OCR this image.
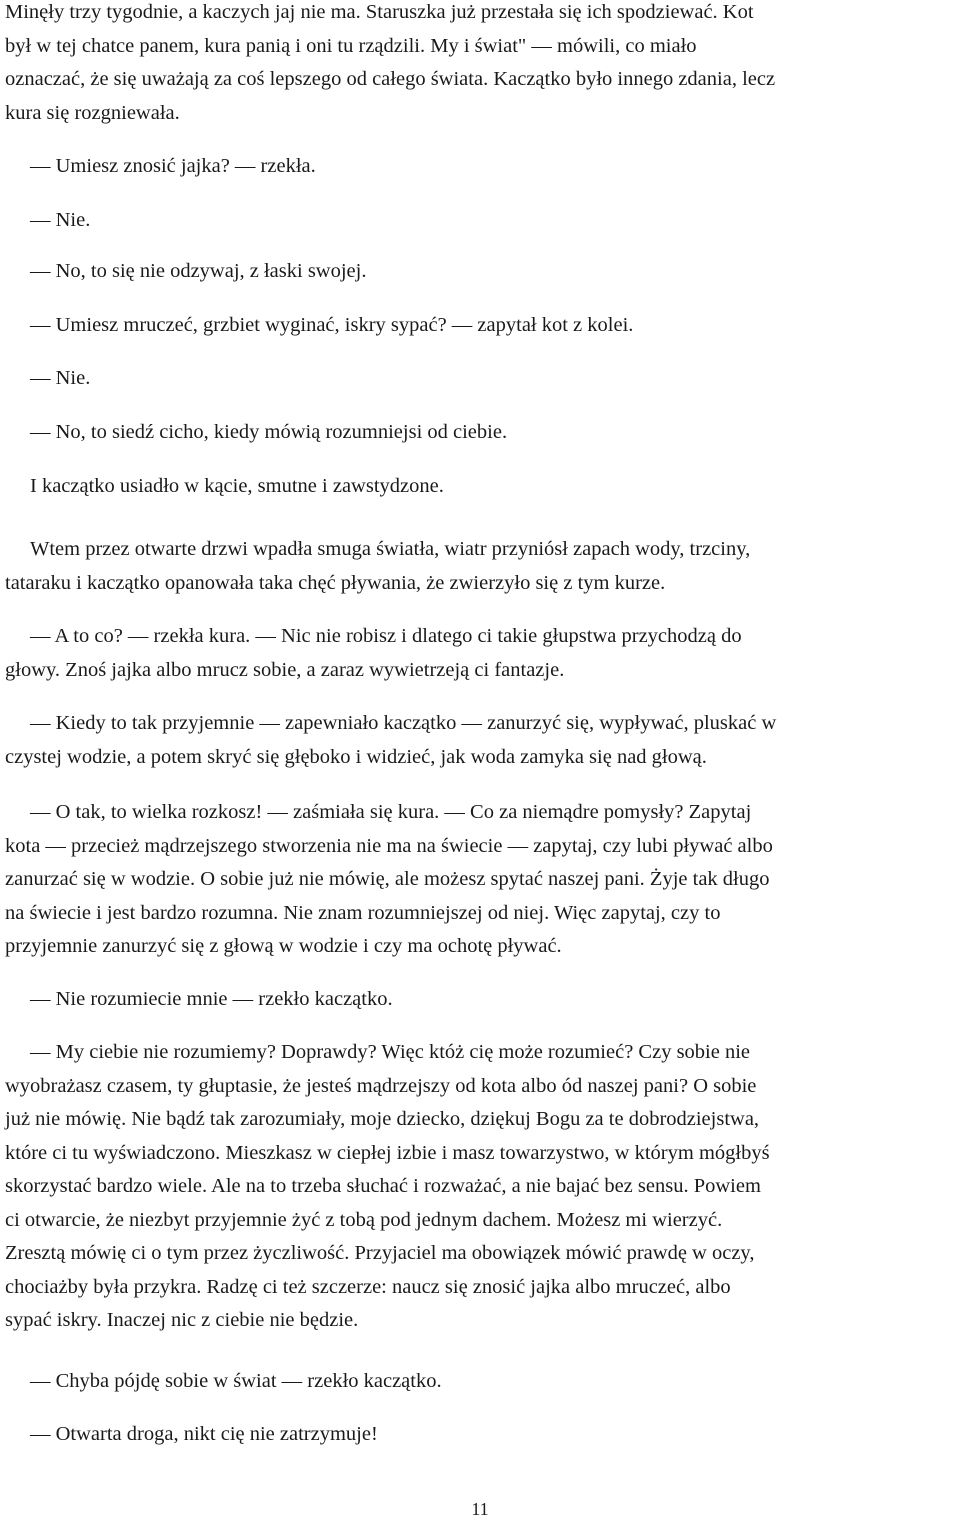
Minęły trzy tygodnie, a kaczych jaj nie ma. Staruszka już przestała się ich spodziewać. Kot
był w tej chatce panem, kura panią i oni tu rządzili. My i świat" — mówili, co miało
oznaczać, że się uważają za coś lepszego od całego świata. Kaczątko było innego zdania, lecz
kura się rozgniewała.

— Umiesz znosić jajka? — rzekła.

— Nie.

— No, to się nie odzywaj, z łaski swojej.

— Umiesz mruczeć, grzbiet wyginać, iskry sypać? — zapytał kot z kolei.

— Nie.

— No, to siedź cicho, kiedy mówią rozumniejsi od ciebie.

I kaczątko usiadło w kącie, smutne i zawstydzone.

Wtem przez otwarte drzwi wpadła smuga światła, wiatr przyniósł zapach wody, trzciny,
tataraku i kaczątko opanowała taka chęć pływania, że zwierzyło się z tym kurze.

— A to co? — rzekła kura. — Nic nie robisz i dlatego ci takie głupstwa przychodzą do
głowy. Znoś jajka albo mrucz sobie, a zaraz wywietrzeją ci fantazje.

— Kiedy to tak przyjemnie — zapewniało kaczątko — zanurzyć się, wypływać, pluskać w
czystej wodzie, a potem skryć się głęboko i widzieć, jak woda zamyka się nad głową.

— O tak, to wielka rozkosz! — zaśmiała się kura. — Co za niemądre pomysły? Zapytaj
kota — przecież mądrzejszego stworzenia nie ma na świecie — zapytaj, czy lubi pływać albo
zanurzać się w wodzie. O sobie już nie mówię, ale możesz spytać naszej pani. Żyje tak długo
na świecie i jest bardzo rozumna. Nie znam rozumniejszej od niej. Więc zapytaj, czy to
przyjemnie zanurzyć się z głową w wodzie i czy ma ochotę pływać.

— Nie rozumiecie mnie — rzekło kaczątko.

— My ciebie nie rozumiemy? Doprawdy? Więc któż cię może rozumieć? Czy sobie nie
wyobrażasz czasem, ty głuptasie, że jesteś mądrzejszy od kota albo ód naszej pani? O sobie
już nie mówię. Nie bądź tak zarozumiały, moje dziecko, dziękuj Bogu za te dobrodziejstwa,
które ci tu wyświadczono. Mieszkasz w ciepłej izbie i masz towarzystwo, w którym mógłbyś
skorzystać bardzo wiele. Ale na to trzeba słuchać i rozważać, a nie bajać bez sensu. Powiem
ci otwarcie, że niezbyt przyjemnie żyć z tobą pod jednym dachem. Możesz mi wierzyć.
Zresztą mówię ci o tym przez życzliwość. Przyjaciel ma obowiązek mówić prawdę w oczy,
chociażby była przykra. Radzę ci też szczerze: naucz się znosić jajka albo mruczeć, albo
sypać iskry. Inaczej nic z ciebie nie będzie.

— Chyba pójdę sobie w świat — rzekło kaczątko.

— Otwarta droga, nikt cię nie zatrzymuje!

11
